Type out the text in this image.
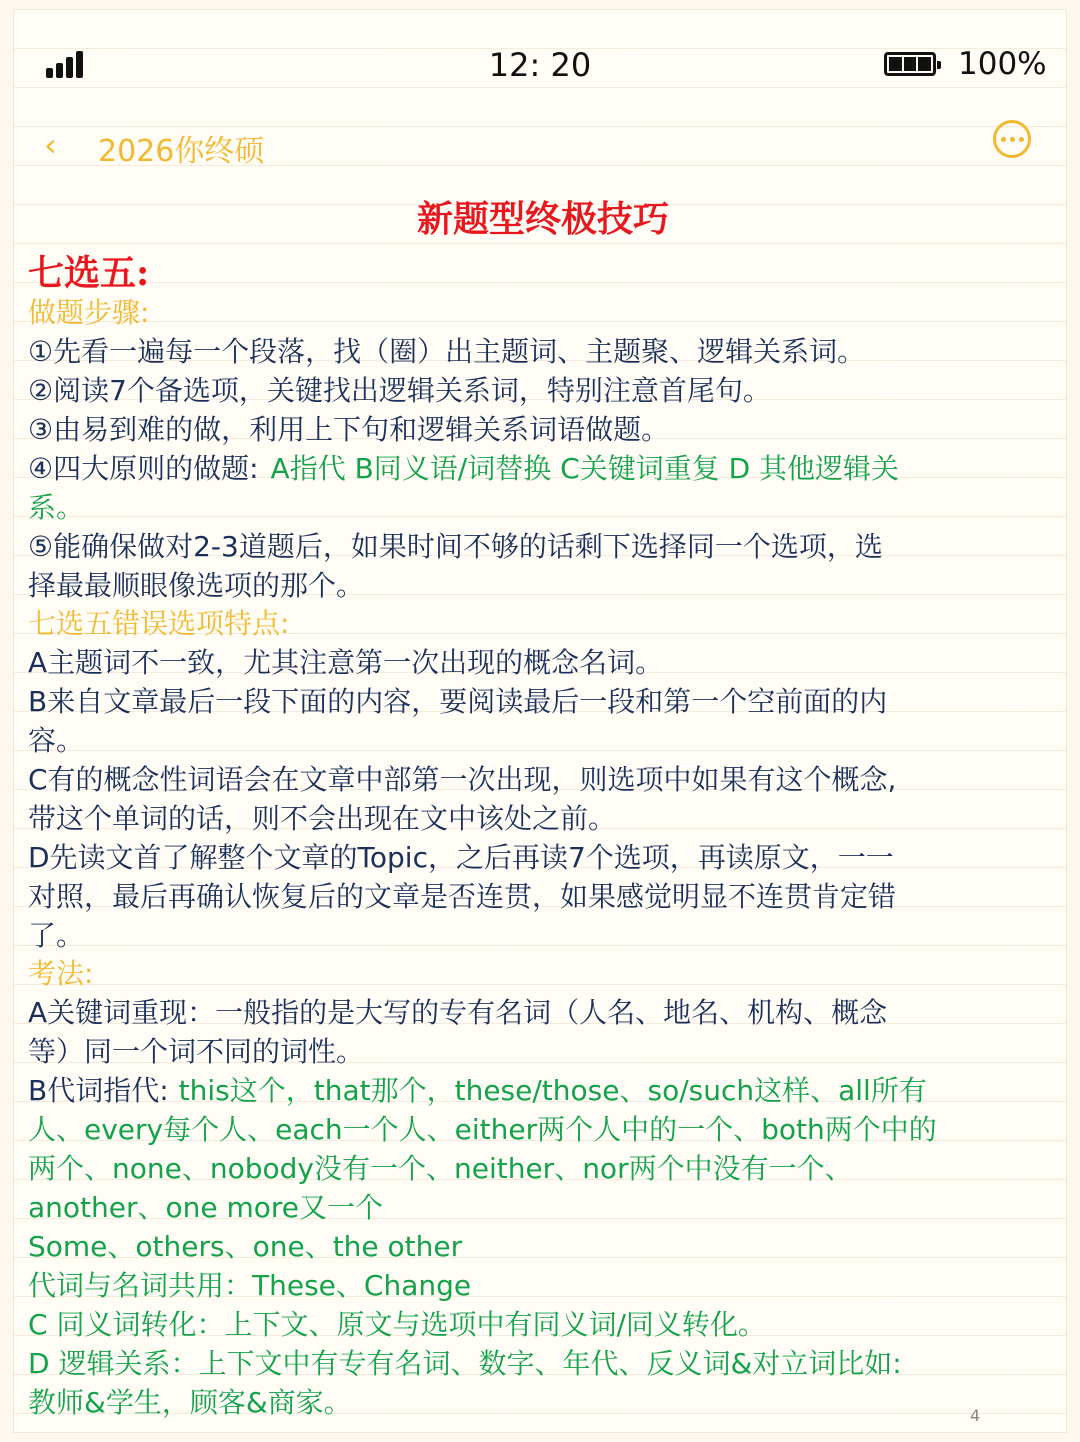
12: 20	100%
‹ 2026你终硕
新题型终极技巧
七选五:
做题步骤:
①先看一遍每一个段落，找（圈）出主题词、主题聚、逻辑关系词。
②阅读7个备选项，关键找出逻辑关系词，特别注意首尾句。
③由易到难的做，利用上下句和逻辑关系词语做题。
④四大原则的做题: A指代 B同义语/词替换 C关键词重复 D 其他逻辑关
系。
⑤能确保做对2-3道题后，如果时间不够的话剩下选择同一个选项，选
择最最顺眼像选项的那个。
七选五错误选项特点:
A主题词不一致，尤其注意第一次出现的概念名词。
B来自文章最后一段下面的内容，要阅读最后一段和第一个空前面的内
容。
C有的概念性词语会在文章中部第一次出现，则选项中如果有这个概念,
带这个单词的话，则不会出现在文中该处之前。
D先读文首了解整个文章的Topic，之后再读7个选项，再读原文，一一
对照，最后再确认恢复后的文章是否连贯，如果感觉明显不连贯肯定错
了。
考法:
A关键词重现：一般指的是大写的专有名词（人名、地名、机构、概念
等）同一个词不同的词性。
B代词指代: this这个，that那个，these/those、so/such这样、all所有
人、every每个人、each一个人、either两个人中的一个、both两个中的
两个、none、nobody没有一个、neither、nor两个中没有一个、
another、one more又一个
Some、others、one、the other
代词与名词共用：These、Change
C 同义词转化：上下文、原文与选项中有同义词/同义转化。
D 逻辑关系：上下文中有专有名词、数字、年代、反义词&对立词比如:
教师&学生，顾客&商家。	4
